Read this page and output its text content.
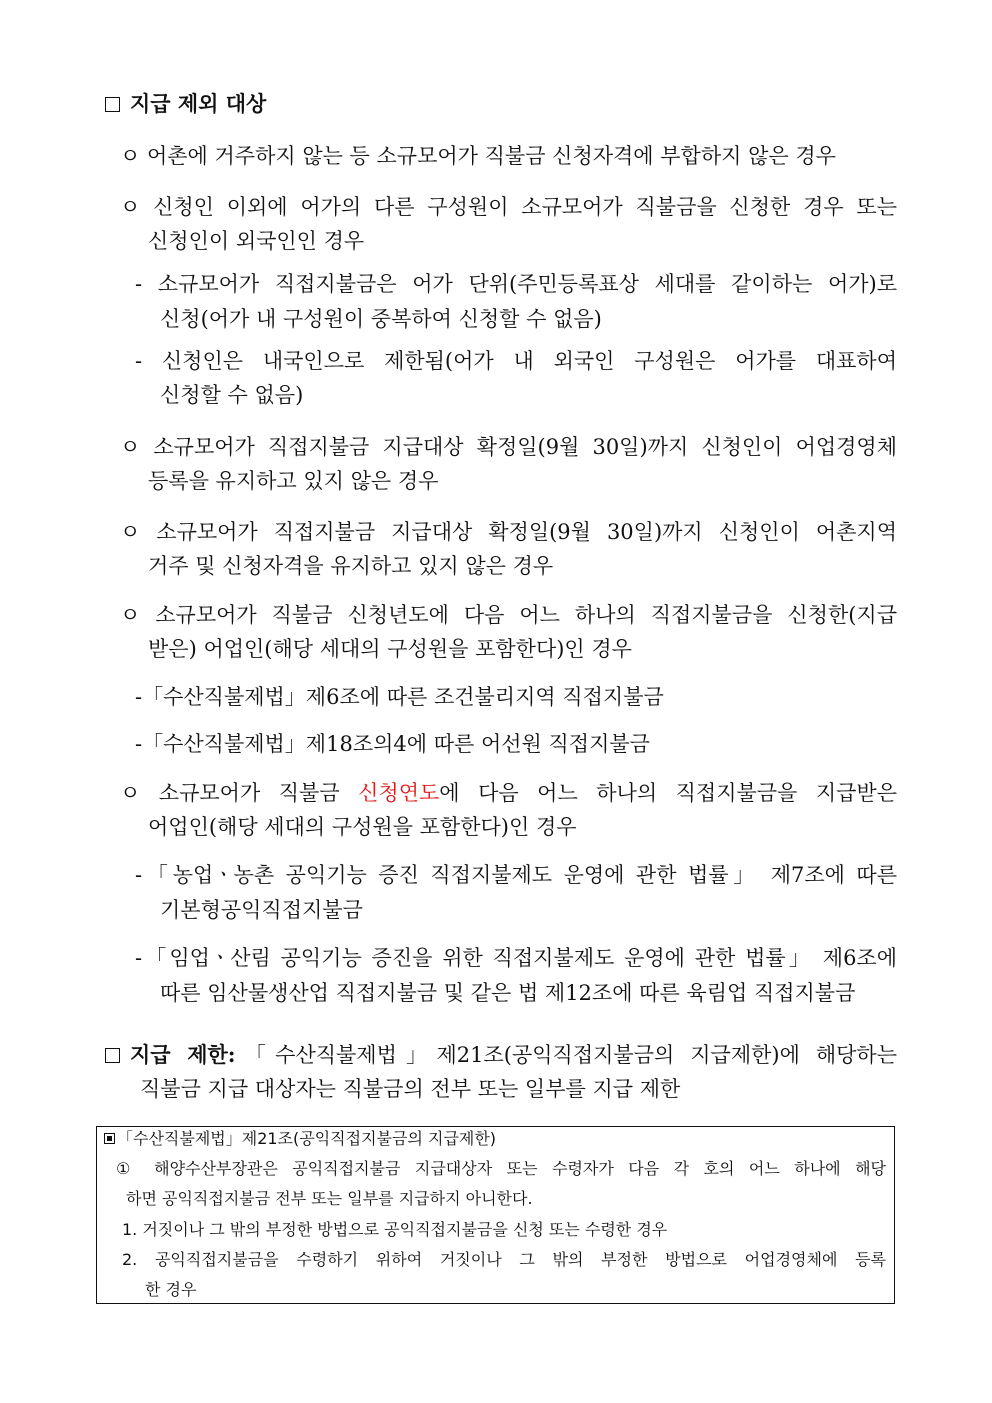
지급 제외 대상
ㅇ 어촌에 거주하지 않는 등 소규모어가 직불금 신청자격에 부합하지 않은 경우
ㅇ 신청인 이외에 어가의 다른 구성원이 소규모어가 직불금을 신청한 경우 또는
신청인이 외국인인 경우
- 소규모어가 직접지불금은 어가 단위(주민등록표상 세대를 같이하는 어가)로
신청(어가 내 구성원이 중복하여 신청할 수 없음)
- 신청인은 내국인으로 제한됨(어가 내 외국인 구성원은 어가를 대표하여
신청할 수 없음)
ㅇ 소규모어가 직접지불금 지급대상 확정일(9월 30일)까지 신청인이 어업경영체
등록을 유지하고 있지 않은 경우
ㅇ 소규모어가 직접지불금 지급대상 확정일(9월 30일)까지 신청인이 어촌지역
거주 및 신청자격을 유지하고 있지 않은 경우
ㅇ 소규모어가 직불금 신청년도에 다음 어느 하나의 직접지불금을 신청한(지급
받은) 어업인(해당 세대의 구성원을 포함한다)인 경우
-「수산직불제법」제6조에 따른 조건불리지역 직접지불금
-「수산직불제법」제18조의4에 따른 어선원 직접지불금
ㅇ 소규모어가 직불금 신청연도에 다음 어느 하나의 직접지불금을 지급받은
어업인(해당 세대의 구성원을 포함한다)인 경우
-「농업ㆍ농촌 공익기능 증진 직접지불제도 운영에 관한 법률」 제7조에 따른
기본형공익직접지불금
-「임업ㆍ산림 공익기능 증진을 위한 직접지불제도 운영에 관한 법률」 제6조에
따른 임산물생산업 직접지불금 및 같은 법 제12조에 따른 육림업 직접지불금
지급 제한:「수산직불제법」제21조(공익직접지불금의 지급제한)에 해당하는
직불금 지급 대상자는 직불금의 전부 또는 일부를 지급 제한
「수산직불제법」제21조(공익직접지불금의 지급제한)
① 해양수산부장관은 공익직접지불금 지급대상자 또는 수령자가 다음 각 호의 어느 하나에 해당
하면 공익직접지불금 전부 또는 일부를 지급하지 아니한다.
1. 거짓이나 그 밖의 부정한 방법으로 공익직접지불금을 신청 또는 수령한 경우
2. 공익직접지불금을 수령하기 위하여 거짓이나 그 밖의 부정한 방법으로 어업경영체에 등록
한 경우
